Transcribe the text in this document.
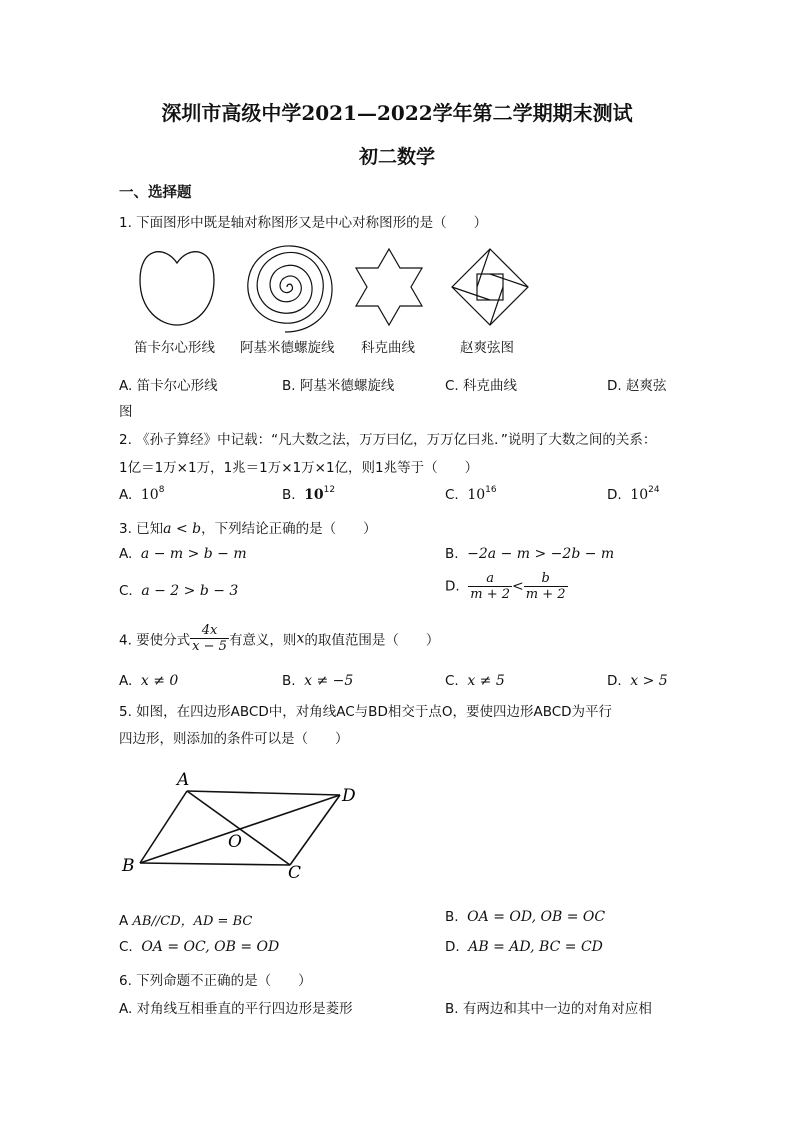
深圳市高级中学2021—2022学年第二学期期末测试
初二数学
一、选择题
1. 下面图形中既是轴对称图形又是中心对称图形的是（　　）
笛卡尔心形线 阿基米德螺旋线 科克曲线	赵爽弦图
A. 笛卡尔心形线	B. 阿基米德螺旋线	C. 科克曲线	D. 赵爽弦
图
2. 《孙子算经》中记载：“凡大数之法，万万曰亿，万万亿曰兆．”说明了大数之间的关系：
1亿＝1万×1万，1兆＝1万×1万×1亿，则1兆等于（　　）
A. $10^8$	B. $10^{12}$	C. $10^{16}$	D. $10^{24}$
3. 已知a < b，下列结论正确的是（　　）
A. a − m > b − m	B. −2a − m > −2b − m
C. a − 2 > b − 3	D. $\frac{a}{m + 2} < \frac{b}{m + 2}$
4. 要使分式 $\frac{4x}{x - 5}$ 有意义，则x的取值范围是（　　）
A. x ≠ 0	B. x ≠ −5	C. x ≠ 5	D. x > 5
5. 如图，在四边形ABCD中，对角线AC与BD相交于点O，要使四边形ABCD为平行
四边形，则添加的条件可以是（　　）
A
D
O
B	C
A AB//CD，AD = BC	B. OA = OD, OB = OC
C. OA = OC, OB = OD	D. AB = AD, BC = CD
6. 下列命题不正确的是（　　）
A. 对角线互相垂直的平行四边形是菱形	B. 有两边和其中一边的对角对应相
